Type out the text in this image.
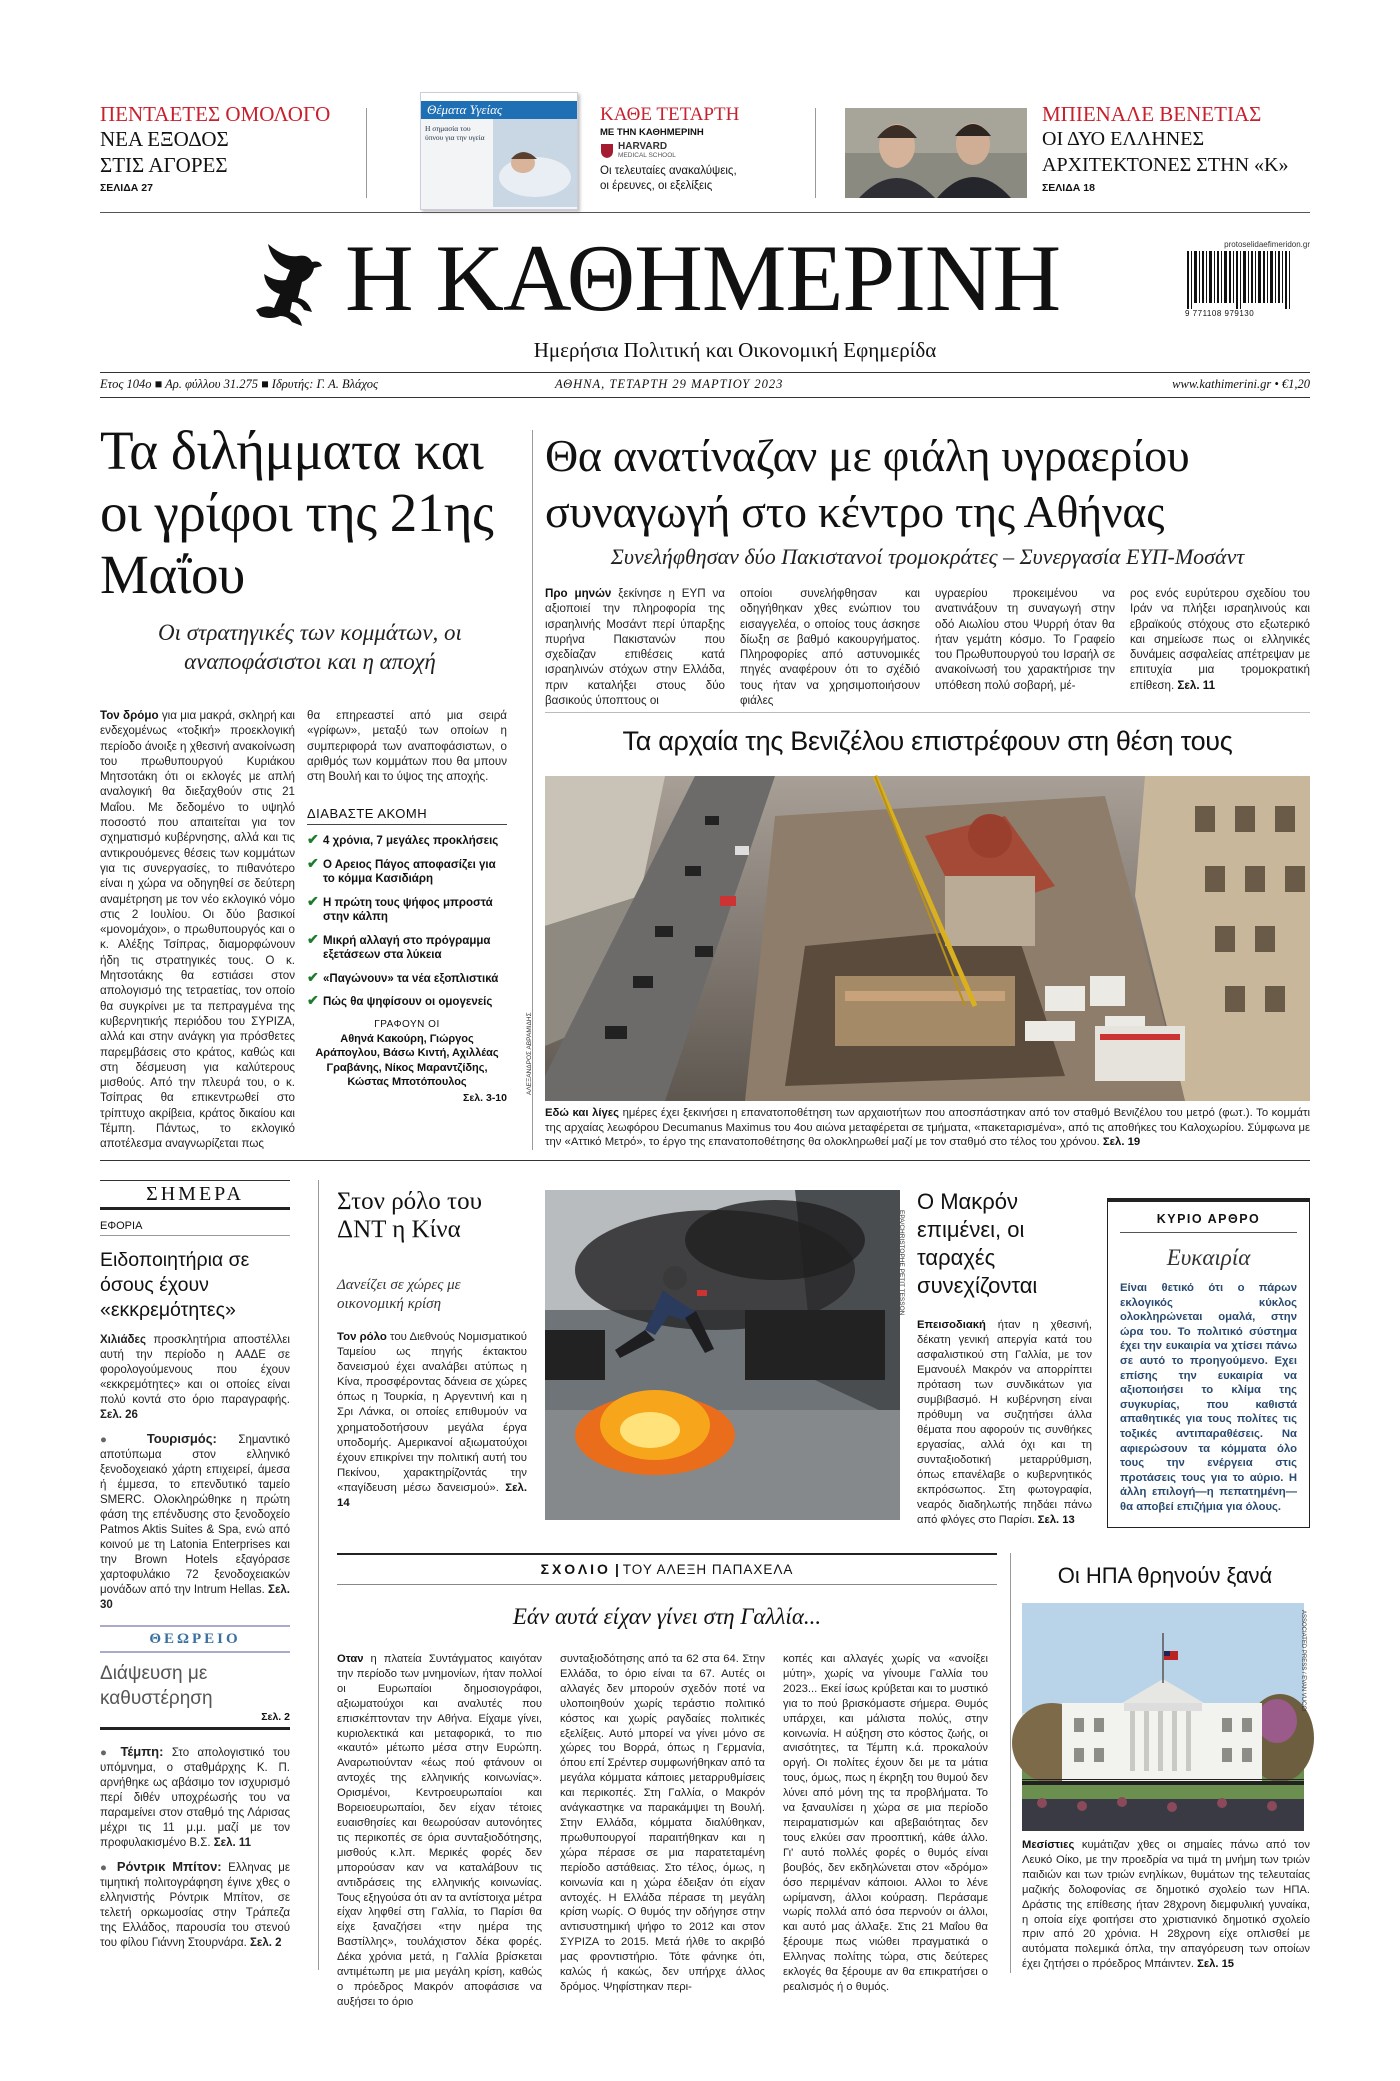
ΠΕΝΤΑΕΤΕΣ ΟΜΟΛΟΓΟ
ΝΕΑ ΕΞΟΔΟΣ
ΣΤΙΣ ΑΓΟΡΕΣ
ΣΕΛΙΔΑ 27
Θέματα Υγείας
Η σημασία του ύπνου για την υγεία
ΚΑΘΕ ΤΕΤΑΡΤΗ
ΜΕ ΤΗΝ ΚΑΘΗΜΕΡΙΝΗ
HARVARD
MEDICAL SCHOOL
Οι τελευταίες ανακαλύψεις,
οι έρευνες, οι εξελίξεις
ΜΠΙΕΝΑΛΕ ΒΕΝΕΤΙΑΣ
ΟΙ ΔΥΟ ΕΛΛΗΝΕΣ
ΑΡΧΙΤΕΚΤΟΝΕΣ ΣΤΗΝ «Κ»
ΣΕΛΙΔΑ 18
Η ΚΑΘΗΜΕΡΙΝΗ
Ημερήσια Πολιτική και Οικονομική Εφημερίδα
protoselidaefimeridon.gr
9 771108 979130
Ετος 104ο ■ Αρ. φύλλου 31.275 ■ Ιδρυτής: Γ. Α. Βλάχος	ΑΘΗΝΑ, ΤΕΤΑΡΤΗ 29 ΜΑΡΤΙΟΥ 2023	www.kathimerini.gr • €1,20
Τα διλήμματα και οι γρίφοι της 21ης Μαΐου
Οι στρατηγικές των κομμάτων, οι αναποφάσιστοι και η αποχή
Τον δρόμο για μια μακρά, σκληρή και ενδεχομένως «τοξική» προεκλογική περίοδο άνοιξε η χθεσινή ανακοίνωση του πρωθυπουργού Κυριάκου Μητσοτάκη ότι οι εκλογές με απλή αναλογική θα διεξαχθούν στις 21 Μαΐου. Με δεδομένο το υψηλό ποσοστό που απαιτείται για τον σχηματισμό κυβέρνησης, αλλά και τις αντικρουόμενες θέσεις των κομμάτων για τις συνεργασίες, το πιθανότερο είναι η χώρα να οδηγηθεί σε δεύτερη αναμέτρηση με τον νέο εκλογικό νόμο στις 2 Ιουλίου. Οι δύο βασικοί «μονομάχοι», ο πρωθυπουργός και ο κ. Αλέξης Τσίπρας, διαμορφώνουν ήδη τις στρατηγικές τους. Ο κ. Μητσοτάκης θα εστιάσει στον απολογισμό της τετραετίας, τον οποίο θα συγκρίνει με τα πεπραγμένα της κυβερνητικής περιόδου του ΣΥΡΙΖΑ, αλλά και στην ανάγκη για πρόσθετες παρεμβάσεις στο κράτος, καθώς και στη δέσμευση για καλύτερους μισθούς. Από την πλευρά του, ο κ. Τσίπρας θα επικεντρωθεί στο τρίπτυχο ακρίβεια, κράτος δικαίου και Τέμπη. Πάντως, το εκλογικό αποτέλεσμα αναγνωρίζεται πως
θα επηρεαστεί από μια σειρά «γρίφων», μεταξύ των οποίων η συμπεριφορά των αναποφάσιστων, ο αριθμός των κομμάτων που θα μπουν στη Βουλή και το ύψος της αποχής.
ΔΙΑΒΑΣΤΕ ΑΚΟΜΗ
✔ 4 χρόνια, 7 μεγάλες προκλήσεις
✔ Ο Αρειος Πάγος αποφασίζει για το κόμμα Κασιδιάρη
✔ Η πρώτη τους ψήφος μπροστά στην κάλπη
✔ Μικρή αλλαγή στο πρόγραμμα εξετάσεων στα λύκεια
✔ «Παγώνουν» τα νέα εξοπλιστικά
✔ Πώς θα ψηφίσουν οι ομογενείς
ΓΡΑΦΟΥΝ ΟΙ
Αθηνά Κακούρη, Γιώργος Αράπογλου, Βάσω Κιντή, Αχιλλέας Γραβάνης, Νίκος Μαραντζίδης, Κώστας Μποτόπουλος
Σελ. 3-10
Θα ανατίναζαν με φιάλη υγραερίου συναγωγή στο κέντρο της Αθήνας
Συνελήφθησαν δύο Πακιστανοί τρομοκράτες – Συνεργασία ΕΥΠ-Μοσάντ
Προ μηνών ξεκίνησε η ΕΥΠ να αξιοποιεί την πληροφορία της ισραηλινής Μοσάντ περί ύπαρξης πυρήνα Πακιστανών που σχεδίαζαν επιθέσεις κατά ισραηλινών στόχων στην Ελλάδα, πριν καταλήξει στους δύο βασικούς ύποπτους οι
οποίοι συνελήφθησαν και οδηγήθηκαν χθες ενώπιον του εισαγγελέα, ο οποίος τους άσκησε δίωξη σε βαθμό κακουργήματος. Πληροφορίες από αστυνομικές πηγές αναφέρουν ότι το σχέδιό τους ήταν να χρησιμοποιήσουν φιάλες
υγραερίου προκειμένου να ανατινάξουν τη συναγωγή στην οδό Αιωλίου στου Ψυρρή όταν θα ήταν γεμάτη κόσμο. Το Γραφείο του Πρωθυπουργού του Ισραήλ σε ανακοίνωσή του χαρακτήρισε την υπόθεση πολύ σοβαρή, μέ-
ρος ενός ευρύτερου σχεδίου του Ιράν να πλήξει ισραηλινούς και εβραϊκούς στόχους στο εξωτερικό και σημείωσε πως οι ελληνικές δυνάμεις ασφαλείας απέτρεψαν με επιτυχία μια τρομοκρατική επίθεση. Σελ. 11
Τα αρχαία της Βενιζέλου επιστρέφουν στη θέση τους
ΑΛΕΞΑΝΔΡΟΣ ΑΒΡΑΜΙΔΗΣ
Εδώ και λίγες ημέρες έχει ξεκινήσει η επανατοποθέτηση των αρχαιοτήτων που αποσπάστηκαν από τον σταθμό Βενιζέλου του μετρό (φωτ.). Το κομμάτι της αρχαίας λεωφόρου Decumanus Maximus του 4ου αιώνα μεταφέρεται σε τμήματα, «πακεταρισμένα», από τις αποθήκες του Καλοχωρίου. Σύμφωνα με την «Αττικό Μετρό», το έργο της επανατοποθέτησης θα ολοκληρωθεί μαζί με τον σταθμό στο τέλος του χρόνου. Σελ. 19
ΣΗΜΕΡΑ
ΕΦΟΡΙΑ
Ειδοποιητήρια σε όσους έχουν «εκκρεμότητες»
Χιλιάδες προσκλητήρια αποστέλλει αυτή την περίοδο η ΑΑΔΕ σε φορολογούμενους που έχουν «εκκρεμότητες» και οι οποίες είναι πολύ κοντά στο όριο παραγραφής. Σελ. 26
● Τουρισμός: Σημαντικό αποτύπωμα στον ελληνικό ξενοδοχειακό χάρτη επιχειρεί, άμεσα ή έμμεσα, το επενδυτικό ταμείο SMERC. Ολοκληρώθηκε η πρώτη φάση της επένδυσης στο ξενοδοχείο Patmos Aktis Suites & Spa, ενώ από κοινού με τη Latonia Enterprises και την Brown Hotels εξαγόρασε χαρτοφυλάκιο 72 ξενοδοχειακών μονάδων από την Intrum Hellas. Σελ. 30
ΘΕΩΡΕΙΟ
Διάψευση με καθυστέρηση
Σελ. 2
● Τέμπη: Στο απολογιστικό του υπόμνημα, ο σταθμάρχης Κ. Π. αρνήθηκε ως αβάσιμο τον ισχυρισμό περί διθέν υποχρέωσής του να παραμείνει στον σταθμό της Λάρισας μέχρι τις 11 μ.μ. μαζί με τον προφυλακισμένο Β.Σ. Σελ. 11
● Ρόντρικ Μπίτον: Ελληνας με τιμητική πολιτογράφηση έγινε χθες ο ελληνιστής Ρόντρικ Μπίτον, σε τελετή ορκωμοσίας στην Τράπεζα της Ελλάδος, παρουσία του στενού του φίλου Γιάννη Στουρνάρα. Σελ. 2
Στον ρόλο του ΔΝΤ η Κίνα
Δανείζει σε χώρες με οικονομική κρίση
Τον ρόλο του Διεθνούς Νομισματικού Ταμείου ως πηγής έκτακτου δανεισμού έχει αναλάβει ατύπως η Κίνα, προσφέροντας δάνεια σε χώρες όπως η Τουρκία, η Αργεντινή και η Σρι Λάνκα, οι οποίες επιθυμούν να χρηματοδοτήσουν μεγάλα έργα υποδομής. Αμερικανοί αξιωματούχοι έχουν επικρίνει την πολιτική αυτή του Πεκίνου, χαρακτηρίζοντάς την «παγίδευση μέσω δανεισμού». Σελ. 14
EPA/CHRISTOPHE PETIT TESSON
Ο Μακρόν επιμένει, οι ταραχές συνεχίζονται
Επεισοδιακή ήταν η χθεσινή, δέκατη γενική απεργία κατά του ασφαλιστικού στη Γαλλία, με τον Εμανουέλ Μακρόν να απορρίπτει πρόταση των συνδικάτων για συμβιβασμό. Η κυβέρνηση είναι πρόθυμη να συζητήσει άλλα θέματα που αφορούν τις συνθήκες εργασίας, αλλά όχι και τη συνταξιοδοτική μεταρρύθμιση, όπως επανέλαβε ο κυβερνητικός εκπρόσωπος. Στη φωτογραφία, νεαρός διαδηλωτής πηδάει πάνω από φλόγες στο Παρίσι. Σελ. 13
ΚΥΡΙΟ ΑΡΘΡΟ
Ευκαιρία
Είναι θετικό ότι ο πάρων εκλογικός κύκλος ολοκληρώνεται ομαλά, στην ώρα του. Το πολιτικό σύστημα έχει την ευκαιρία να χτίσει πάνω σε αυτό το προηγούμενο. Εχει επίσης την ευκαιρία να αξιοποιήσει το κλίμα της συγκυρίας, που καθιστά απαθητικές για τους πολίτες τις τοξικές αντιπαραθέσεις. Να αφιερώσουν τα κόμματα όλο τους την ενέργεια στις προτάσεις τους για το αύριο. Η άλλη επιλογή—η πεπατημένη—θα αποβεί επιζήμια για όλους.
ΣΧΟΛΙΟ | ΤΟΥ ΑΛΕΞΗ ΠΑΠΑΧΕΛΑ
Εάν αυτά είχαν γίνει στη Γαλλία...
Οταν η πλατεία Συντάγματος καιγόταν την περίοδο των μνημονίων, ήταν πολλοί οι Ευρωπαίοι δημοσιογράφοι, αξιωματούχοι και αναλυτές που επισκέπτονταν την Αθήνα. Είχαμε γίνει, κυριολεκτικά και μεταφορικά, το πιο «καυτό» μέτωπο μέσα στην Ευρώπη. Αναρωτιούνταν «έως πού φτάνουν οι αντοχές της ελληνικής κοινωνίας». Ορισμένοι, Κεντροευρωπαίοι και Βορειοευρωπαίοι, δεν είχαν τέτοιες ευαισθησίες και θεωρούσαν αυτονόητες τις περικοπές σε όρια συνταξιοδότησης, μισθούς κ.λπ. Μερικές φορές δεν μπορούσαν καν να καταλάβουν τις αντιδράσεις της ελληνικής κοινωνίας. Τους εξηγούσα ότι αν τα αντίστοιχα μέτρα είχαν ληφθεί στη Γαλλία, το Παρίσι θα είχε ξαναζήσει «την ημέρα της Βαστίλλης», τουλάχιστον δέκα φορές. Δέκα χρόνια μετά, η Γαλλία βρίσκεται αντιμέτωπη με μια μεγάλη κρίση, καθώς ο πρόεδρος Μακρόν αποφάσισε να αυξήσει το όριο
συνταξιοδότησης από τα 62 στα 64. Στην Ελλάδα, το όριο είναι τα 67. Αυτές οι αλλαγές δεν μπορούν σχεδόν ποτέ να υλοποιηθούν χωρίς τεράστιο πολιτικό κόστος και χωρίς ραγδαίες πολιτικές εξελίξεις. Αυτό μπορεί να γίνει μόνο σε χώρες του Βορρά, όπως η Γερμανία, όπου επί Σρέντερ συμφωνήθηκαν από τα μεγάλα κόμματα κάποιες μεταρρυθμίσεις και περικοπές. Στη Γαλλία, ο Μακρόν ανάγκαστηκε να παρακάμψει τη Βουλή. Στην Ελλάδα, κόμματα διαλύθηκαν, πρωθυπουργοί παραιτήθηκαν και η χώρα πέρασε σε μια παρατεταμένη περίοδο αστάθειας. Στο τέλος, όμως, η κοινωνία και η χώρα έδειξαν ότι είχαν αντοχές. Η Ελλάδα πέρασε τη μεγάλη κρίση νωρίς. Ο θυμός την οδήγησε στην αντισυστημική ψήφο το 2012 και στον ΣΥΡΙΖΑ το 2015. Μετά ήλθε το ακριβό μας φροντιστήριο. Τότε φάνηκε ότι, καλώς ή κακώς, δεν υπήρχε άλλος δρόμος. Ψηφίστηκαν περι-
κοπές και αλλαγές χωρίς να «ανοίξει μύτη», χωρίς να γίνουμε Γαλλία του 2023... Εκεί ίσως κρύβεται και το μυστικό για το πού βρισκόμαστε σήμερα. Θυμός υπάρχει, και μάλιστα πολύς, στην κοινωνία. Η αύξηση στο κόστος ζωής, οι ανισότητες, τα Τέμπη κ.ά. προκαλούν οργή. Οι πολίτες έχουν δει με τα μάτια τους, όμως, πως η έκρηξη του θυμού δεν λύνει από μόνη της τα προβλήματα. Το να ξαναυλίσει η χώρα σε μια περίοδο πειραματισμών και αβεβαιότητας δεν τους ελκύει σαν προοπτική, κάθε άλλο. Γι' αυτό πολλές φορές ο θυμός είναι βουβός, δεν εκδηλώνεται στον «δρόμο» όσο περιμέναν κάποιοι. Αλλοι το λένε ωρίμανση, άλλοι κούραση. Περάσαμε νωρίς πολλά από όσα περνούν οι άλλοι, και αυτό μας άλλαξε. Στις 21 Μαΐου θα ξέρουμε πως νιώθει πραγματικά ο Ελληνας πολίτης τώρα, στις δεύτερες εκλογές θα ξέρουμε αν θα επικρατήσει ο ρεαλισμός ή ο θυμός.
Οι ΗΠΑ θρηνούν ξανά
ASSOCIATED PRESS / EVAN VUCCI
Μεσίστιες κυμάτιζαν χθες οι σημαίες πάνω από τον Λευκό Οίκο, με την προεδρία να τιμά τη μνήμη των τριών παιδιών και των τριών ενηλίκων, θυμάτων της τελευταίας μαζικής δολοφονίας σε δημοτικό σχολείο των ΗΠΑ. Δράστις της επίθεσης ήταν 28χρονη διεμφυλική γυναίκα, η οποία είχε φοιτήσει στο χριστιανικό δημοτικό σχολείο πριν από 20 χρόνια. Η 28χρονη είχε οπλισθεί με αυτόματα πολεμικά όπλα, την απαγόρευση των οποίων έχει ζητήσει ο πρόεδρος Μπάιντεν. Σελ. 15
